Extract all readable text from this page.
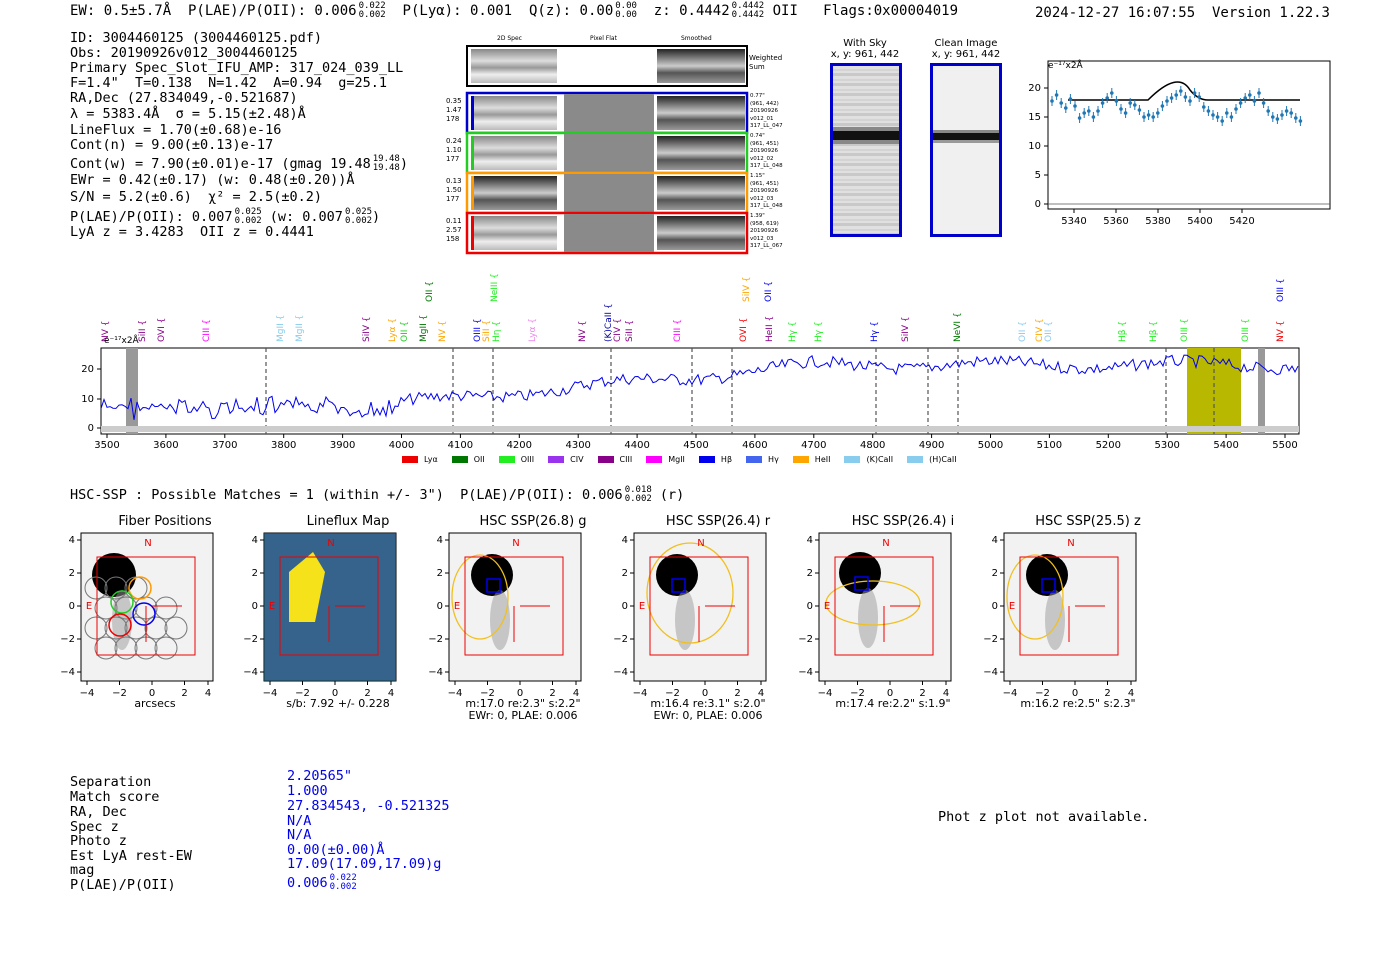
EW: 0.5±5.7Å  P(LAE)/P(OII): 0.006 0.022
0.002 P(Lyα): 0.001  Q(z): 0.00 0.00
0.00 z: 0.4442 0.4442
0.4442 OII   Flags:0x00004019	2024-12-27 16:07:55  Version 1.22.3
ID: 3004460125 (3004460125.pdf)
Obs: 20190926v012_3004460125
Primary Spec_Slot_IFU_AMP: 317_024_039_LL
F=1.4"  T=0.138  N=1.42  A=0.94  g=25.1
RA,Dec (27.834049,-0.521687)
λ = 5383.4Å  σ = 5.15(±2.48)Å
LineFlux = 1.70(±0.68)e-16
Cont(n) = 9.00(±0.13)e-17
Cont(w) = 7.90(±0.01)e-17 (gmag 19.48 19.48
19.48 )
EWr = 0.42(±0.17) (w: 0.48(±0.20))Å
S/N = 5.2(±0.6)  χ² = 2.5(±0.2)
P(LAE)/P(OII): 0.007 0.025
0.002 (w: 0.007 0.025
0.002 )
LyA z = 3.4283  OII z = 0.4441
2D Spec	Pixel Flat	Smoothed
Weighted
Sum
0.35
1.47
178
0.77"
(961, 442)
20190926
v012_01
317_LL_047
0.24
1.10
177
0.74"
(961, 451)
20190926
v012_02
317_LL_048
0.13
1.50
177
1.15"
(961, 451)
20190926
v012_03
317_LL_048
0.11
2.57
158
1.39"
(958, 619)
20190926
v012_03
317_LL_067
With Sky
x, y: 961, 442
Clean Image
x, y: 961, 442
5340 5360 5380 5400 5420
0
5
10
15
20
e⁻¹⁷x2Å
NV {	SiII { OVI {	CIII {	MgII { MgII {	SiIV { Lyα { OII { MgII { NV {	OIII { SiII { Hη {	Lyα {	NV { (K)CaII { CIV { SiII {	CIII {	OVI { HeII { Hγ { Hγ {	Hγ { SiIV {	NeVI {	OII { CIV { OII {	Hβ { Hβ { OIII {	OIII {	NV {
OII {	NeIII {	SiIV { OII {	OIII {
3500	3600	3700	3800	3900	4000	4100	4200	4300	4400	4500	4600	4700	4800	4900	5000	5100	5200	5300	5400	5500
0
10
20
e⁻¹⁷x2Å
Lyα	OII	OIII	CIV	CIII	MgII	Hβ	Hγ	HeII	(K)CaII	(H)CaII
HSC-SSP : Possible Matches = 1 (within +/- 3")  P(LAE)/P(OII): 0.006 0.018
0.002 (r)
Fiber Positions
N
E
−4
−4
−2
−2
0
0
2
2
4
4
arcsecs
Lineflux Map
N
E
−4
−4
−2
−2
0
0
2
2
4
4
s/b: 7.92 +/- 0.228
HSC SSP(26.8) g
N
E
−4
−4
−2
−2
0
0
2
2
4
4
m:17.0 re:2.3" s:2.2"
EWr: 0, PLAE: 0.006
HSC SSP(26.4) r
N
E
−4
−4
−2
−2
0
0
2
2
4
4
m:16.4 re:3.1" s:2.0"
EWr: 0, PLAE: 0.006
HSC SSP(26.4) i
N
E
−4
−4
−2
−2
0
0
2
2
4
4
m:17.4 re:2.2" s:1.9"
HSC SSP(25.5) z
N
E
−4
−4
−2
−2
0
0
2
2
4
4
m:16.2 re:2.5" s:2.3"
Separation	2.20565"
Match score	1.000
RA, Dec	27.834543, -0.521325
Spec z	N/A
Photo z	N/A
Est LyA rest-EW	0.00(±0.00)Å
mag	17.09(17.09,17.09)g
P(LAE)/P(OII)	0.006 0.022
0.002
Phot z plot not available.
